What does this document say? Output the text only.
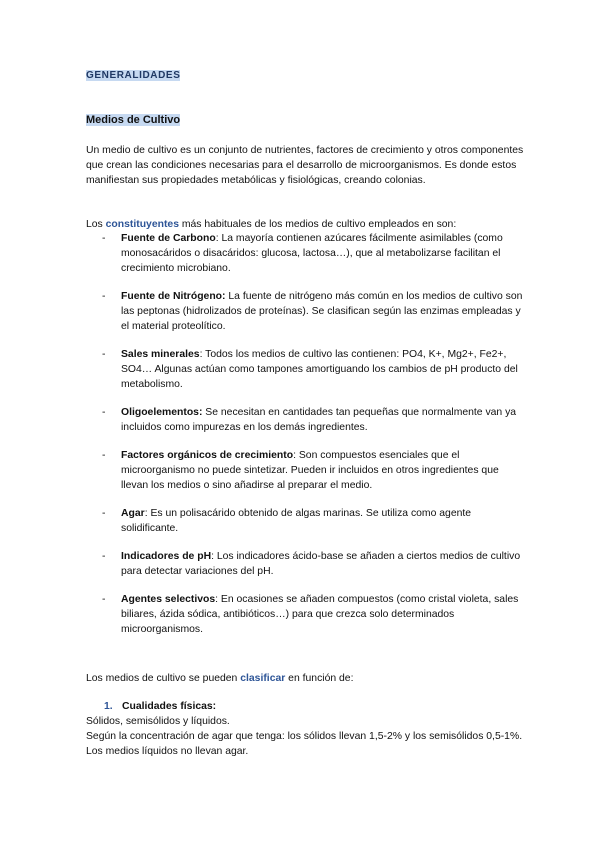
GENERALIDADES

Medios de Cultivo

Un medio de cultivo es un conjunto de nutrientes, factores de crecimiento y otros componentes que crean las condiciones necesarias para el desarrollo de microorganismos. Es donde estos manifiestan sus propiedades metabólicas y fisiológicas, creando colonias.

Los constituyentes más habituales de los medios de cultivo empleados en son:

- Fuente de Carbono: La mayoría contienen azúcares fácilmente asimilables (como monosacáridos o disacáridos: glucosa, lactosa…), que al metabolizarse facilitan el crecimiento microbiano.
- Fuente de Nitrógeno: La fuente de nitrógeno más común en los medios de cultivo son las peptonas (hidrolizados de proteínas). Se clasifican según las enzimas empleadas y el material proteolítico.
- Sales minerales: Todos los medios de cultivo las contienen: PO4, K+, Mg2+, Fe2+, SO4… Algunas actúan como tampones amortiguando los cambios de pH producto del metabolismo.
- Oligoelementos: Se necesitan en cantidades tan pequeñas que normalmente van ya incluidos como impurezas en los demás ingredientes.
- Factores orgánicos de crecimiento: Son compuestos esenciales que el microorganismo no puede sintetizar. Pueden ir incluidos en otros ingredientes que llevan los medios o sino añadirse al preparar el medio.
- Agar: Es un polisacárido obtenido de algas marinas. Se utiliza como agente solidificante.
- Indicadores de pH: Los indicadores ácido-base se añaden a ciertos medios de cultivo para detectar variaciones del pH.
- Agentes selectivos: En ocasiones se añaden compuestos (como cristal violeta, sales biliares, ázida sódica, antibióticos…) para que crezca solo determinados microorganismos.

Los medios de cultivo se pueden clasificar en función de:

1. Cualidades físicas:

Sólidos, semisólidos y líquidos.
Según la concentración de agar que tenga: los sólidos llevan 1,5-2% y los semisólidos 0,5-1%. Los medios líquidos no llevan agar.
